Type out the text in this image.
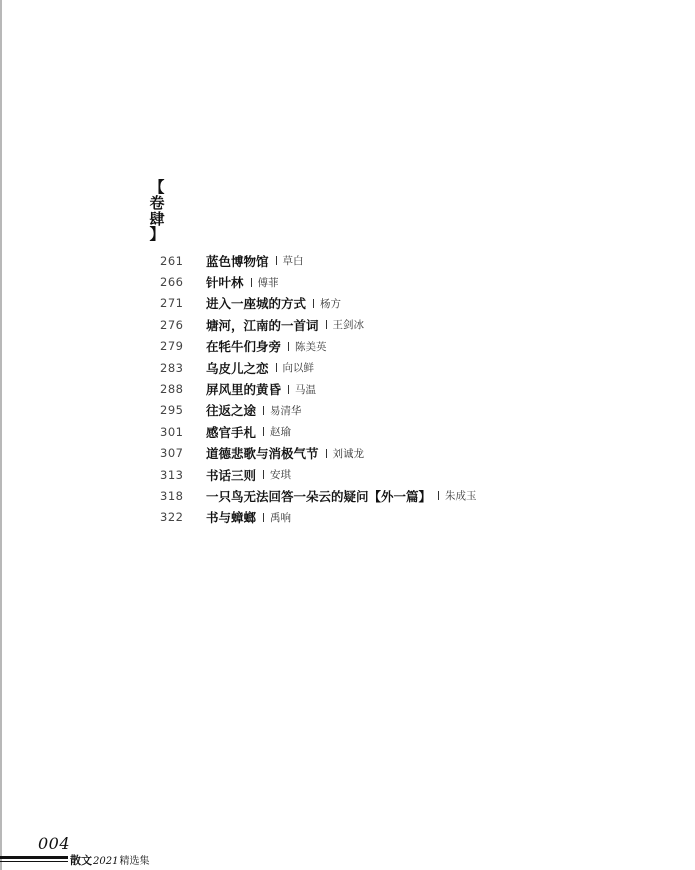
【
卷
肆
】
261	蓝色博物馆 草白
266	针叶林 傅菲
271	进入一座城的方式 杨方
276	塘河，江南的一首词 王剑冰
279	在牦牛们身旁 陈美英
283	乌皮儿之恋 向以鲜
288	屏风里的黄昏 马温
295	往返之途 易清华
301	感官手札 赵瑜
307	道德悲歌与消极气节 刘诚龙
313	书话三则 安琪
318	一只鸟无法回答一朵云的疑问【外一篇】 朱成玉
322	书与蟑螂 禹响
004
散文2021精选集
